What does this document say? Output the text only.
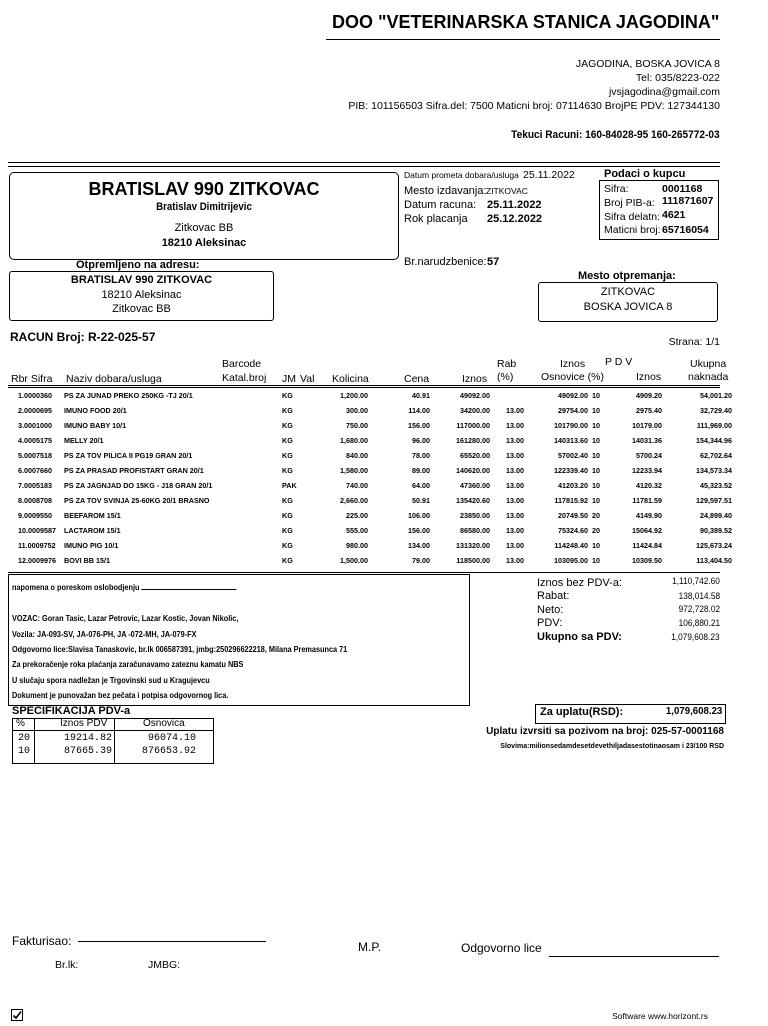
DOO "VETERINARSKA STANICA JAGODINA"
JAGODINA, BOSKA JOVICA 8
Tel: 035/8223-022
jvsjagodina@gmail.com
PIB: 101156503 Sifra.del: 7500 Maticni broj: 07114630 BrojPE PDV: 127344130
Tekuci Racuni: 160-84028-95 160-265772-03
BRATISLAV 990 ZITKOVAC
Bratislav Dimitrijevic
Zitkovac BB
18210 Aleksinac
Datum prometa dobara/usluga 25.11.2022
Mesto izdavanja: ZITKOVAC
Datum racuna: 25.11.2022
Rok placanja 25.12.2022
Br.narudzbenice: 57
Podaci o kupcu
Sifra:	0001168
Broj PIB-a: 111871607
Sifra delatn: 4621
Maticni broj: 65716054
Otpremljeno na adresu:
BRATISLAV 990 ZITKOVAC
18210 Aleksinac
Zitkovac BB
Mesto otpremanja:
ZITKOVAC
BOSKA JOVICA 8
RACUN Broj: R-22-025-57	Strana: 1/1
Rbr Sifra Naziv dobara/usluga
Barcode
Katal.broj JM Val Kolicina	Cena	Iznos
Rab
(%)
Iznos
Osnovice (%)
P D V
Iznos
Ukupna
naknada
1.0000360 PS ZA JUNAD PREKO 250KG -TJ 20/1	KG	1,200.00	40.91	49092.00	49092.00 10	4909.20	54,001.20
2.0000695 IMUNO FOOD 20/1	KG	300.00	114.00	34200.00 13.00	29754.00 10	2975.40	32,729.40
3.0001000 IMUNO BABY 10/1	KG	750.00	156.00	117000.00 13.00	101790.00 10	10179.00	111,969.00
4.0005175 MELLY 20/1	KG	1,680.00	96.00	161280.00 13.00	140313.60 10	14031.36	154,344.96
5.0007518 PS ZA TOV PILICA II PG19 GRAN 20/1	KG	840.00	78.00	65520.00 13.00	57002.40 10	5700.24	62,702.64
6.0007660 PS ZA PRASAD PROFISTART GRAN 20/1	KG	1,580.00	89.00	140620.00 13.00	122339.40 10	12233.94	134,573.34
7.0005183 PS ZA JAGNJAD DO 15KG - J18 GRAN 20/1	PAK	740.00	64.00	47360.00 13.00	41203.20 10	4120.32	45,323.52
8.0008708 PS ZA TOV SVINJA 25-60KG 20/1 BRASNO	KG	2,660.00	50.91	135420.60 13.00	117815.92 10	11781.59	129,597.51
9.0009550 BEEFAROM 15/1	KG	225.00	106.00	23850.00 13.00	20749.50 20	4149.90	24,899.40
10.0009587 LACTAROM 15/1	KG	555.00	156.00	86580.00 13.00	75324.60 20	15064.92	90,389.52
11.0009752 IMUNO PIG 10/1	KG	980.00	134.00	131320.00 13.00	114248.40 10	11424.84	125,673.24
12.0009976 BOVI BB 15/1	KG	1,500.00	79.00	118500.00 13.00	103095.00 10	10309.50	113,404.50
napomena o poreskom oslobodjenju
VOZAC: Goran Tasic, Lazar Petrovic, Lazar Kostic, Jovan Nikolic,
Vozila: JA-093-SV, JA-076-PH, JA -072-MH, JA-079-FX
Odgovorno lice:Slavisa Tanaskovic, br.lk 006587391, jmbg:250296622218, Milana Premasunca 71
Za prekoračenje roka plaćanja zaračunavamo zateznu kamatu NBS
U slučaju spora nadležan je Trgovinski sud u Kragujevcu
Dokument je punovažan bez pečata i potpisa odgovornog lica.
Iznos bez PDV-a:	1,110,742.60
Rabat:	138,014.58
Neto:	972,728.02
PDV:	106,880.21
Ukupno sa PDV:	1,079,608.23
Za uplatu(RSD):	1,079,608.23
Uplatu izvrsiti sa pozivom na broj: 025-57-0001168
Slovima:milionsedamdesetdevethiljadasestotinaosam i 23/100 RSD
SPECIFIKACIJA PDV-a
%	Iznos PDV	Osnovica
20	19214.82	96074.10
10	87665.39	876653.92
Fakturisao:	M.P.	Odgovorno lice
Br.lk:	JMBG:
Software www.horizont.rs
